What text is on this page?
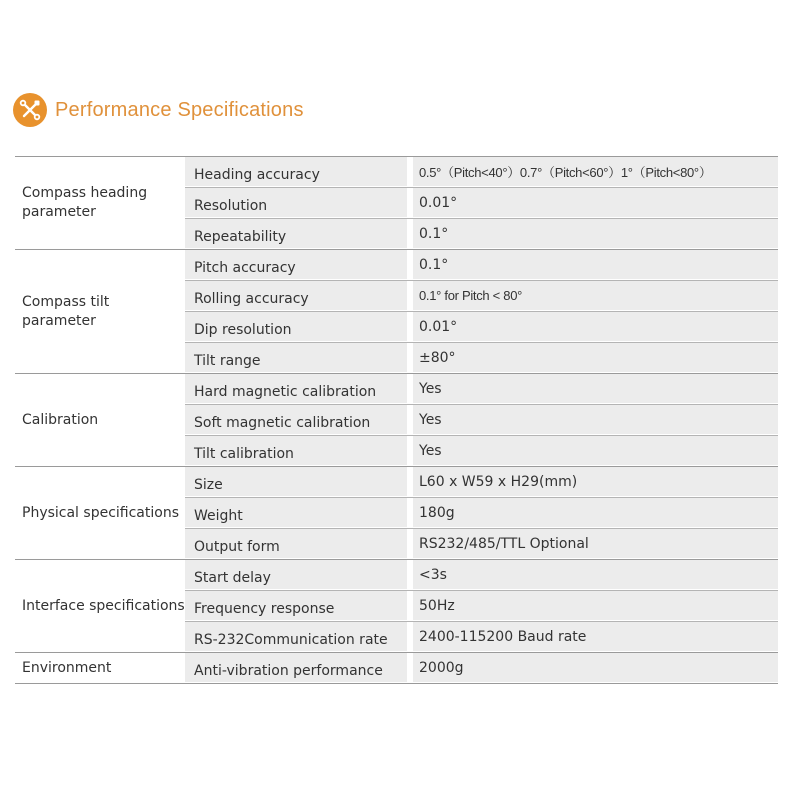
Performance Specifications
Compass heading parameter
Heading accuracy	0.5°（Pitch<40°）0.7°（Pitch<60°）1°（Pitch<80°）
Resolution	0.01°
Repeatability	0.1°
Compass tilt parameter
Pitch accuracy	0.1°
Rolling accuracy	0.1° for Pitch < 80°
Dip resolution	0.01°
Tilt range	±80°
Calibration
Hard magnetic calibration	Yes
Soft magnetic calibration	Yes
Tilt calibration	Yes
Physical specifications
Size	L60 x W59 x H29(mm)
Weight	180g
Output form	RS232/485/TTL Optional
Interface specifications
Start delay	<3s
Frequency response	50Hz
RS-232Communication rate	2400-115200 Baud rate
Environment	Anti-vibration performance	2000g
